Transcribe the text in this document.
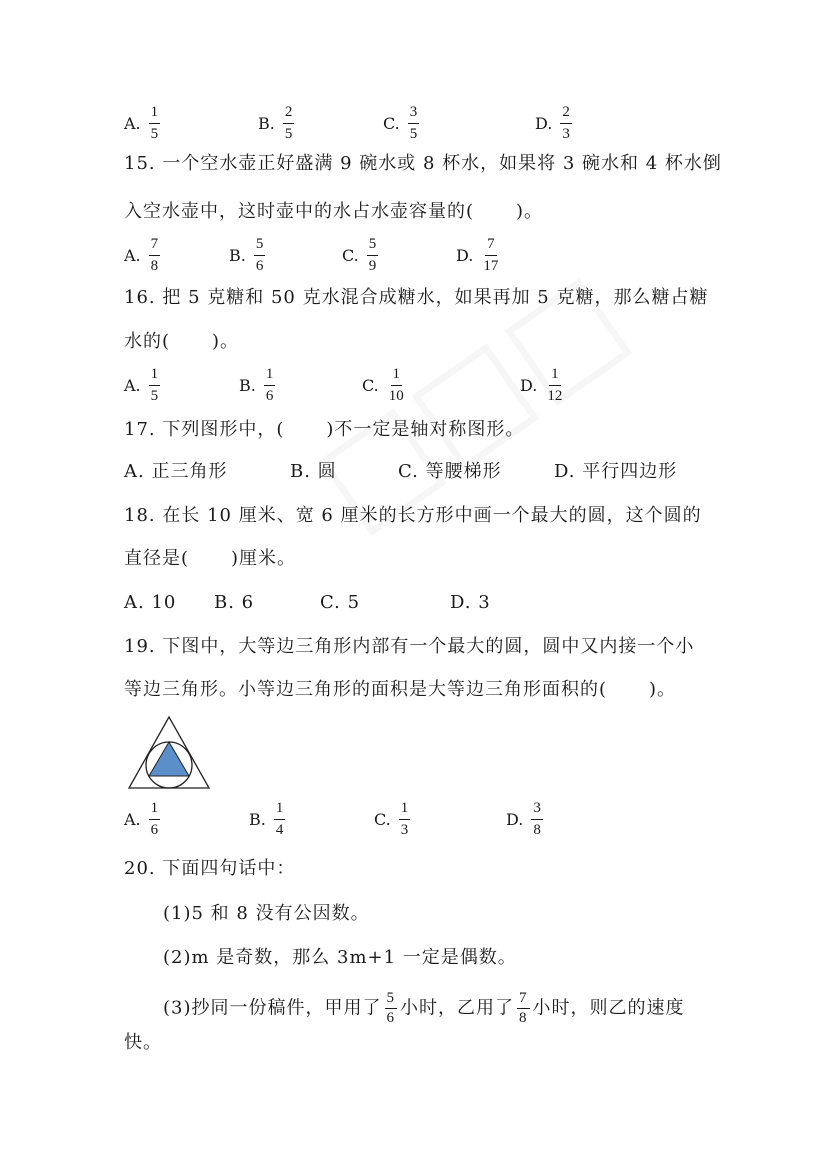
A. $\frac{1}{5}$	B. $\frac{2}{5}$	C. $\frac{3}{5}$	D. $\frac{2}{3}$
15. 一个空水壶正好盛满 9 碗水或 8 杯水，如果将 3 碗水和 4 杯水倒
入空水壶中，这时壶中的水占水壶容量的( )。
A. $\frac{7}{8}$	B. $\frac{5}{6}$	C. $\frac{5}{9}$	D. $\frac{7}{17}$
16. 把 5 克糖和 50 克水混合成糖水，如果再加 5 克糖，那么糖占糖
水的( )。
A. $\frac{1}{5}$	B. $\frac{1}{6}$	C. $\frac{1}{10}$	D. $\frac{1}{12}$
17. 下列图形中，( )不一定是轴对称图形。
A. 正三角形	B. 圆	C. 等腰梯形	D. 平行四边形
18. 在长 10 厘米、宽 6 厘米的长方形中画一个最大的圆，这个圆的
直径是( )厘米。
A. 10 B. 6	C. 5	D. 3
19. 下图中，大等边三角形内部有一个最大的圆，圆中又内接一个小
等边三角形。小等边三角形的面积是大等边三角形面积的( )。
A. $\frac{1}{6}$	B. $\frac{1}{4}$	C. $\frac{1}{3}$	D. $\frac{3}{8}$
20. 下面四句话中：
(1)5 和 8 没有公因数。
(2)m 是奇数，那么 3m+1 一定是偶数。
(3)抄同一份稿件，甲用了 $\frac{5}{6}$ 小时，乙用了 $\frac{7}{8}$ 小时，则乙的速度
快。
